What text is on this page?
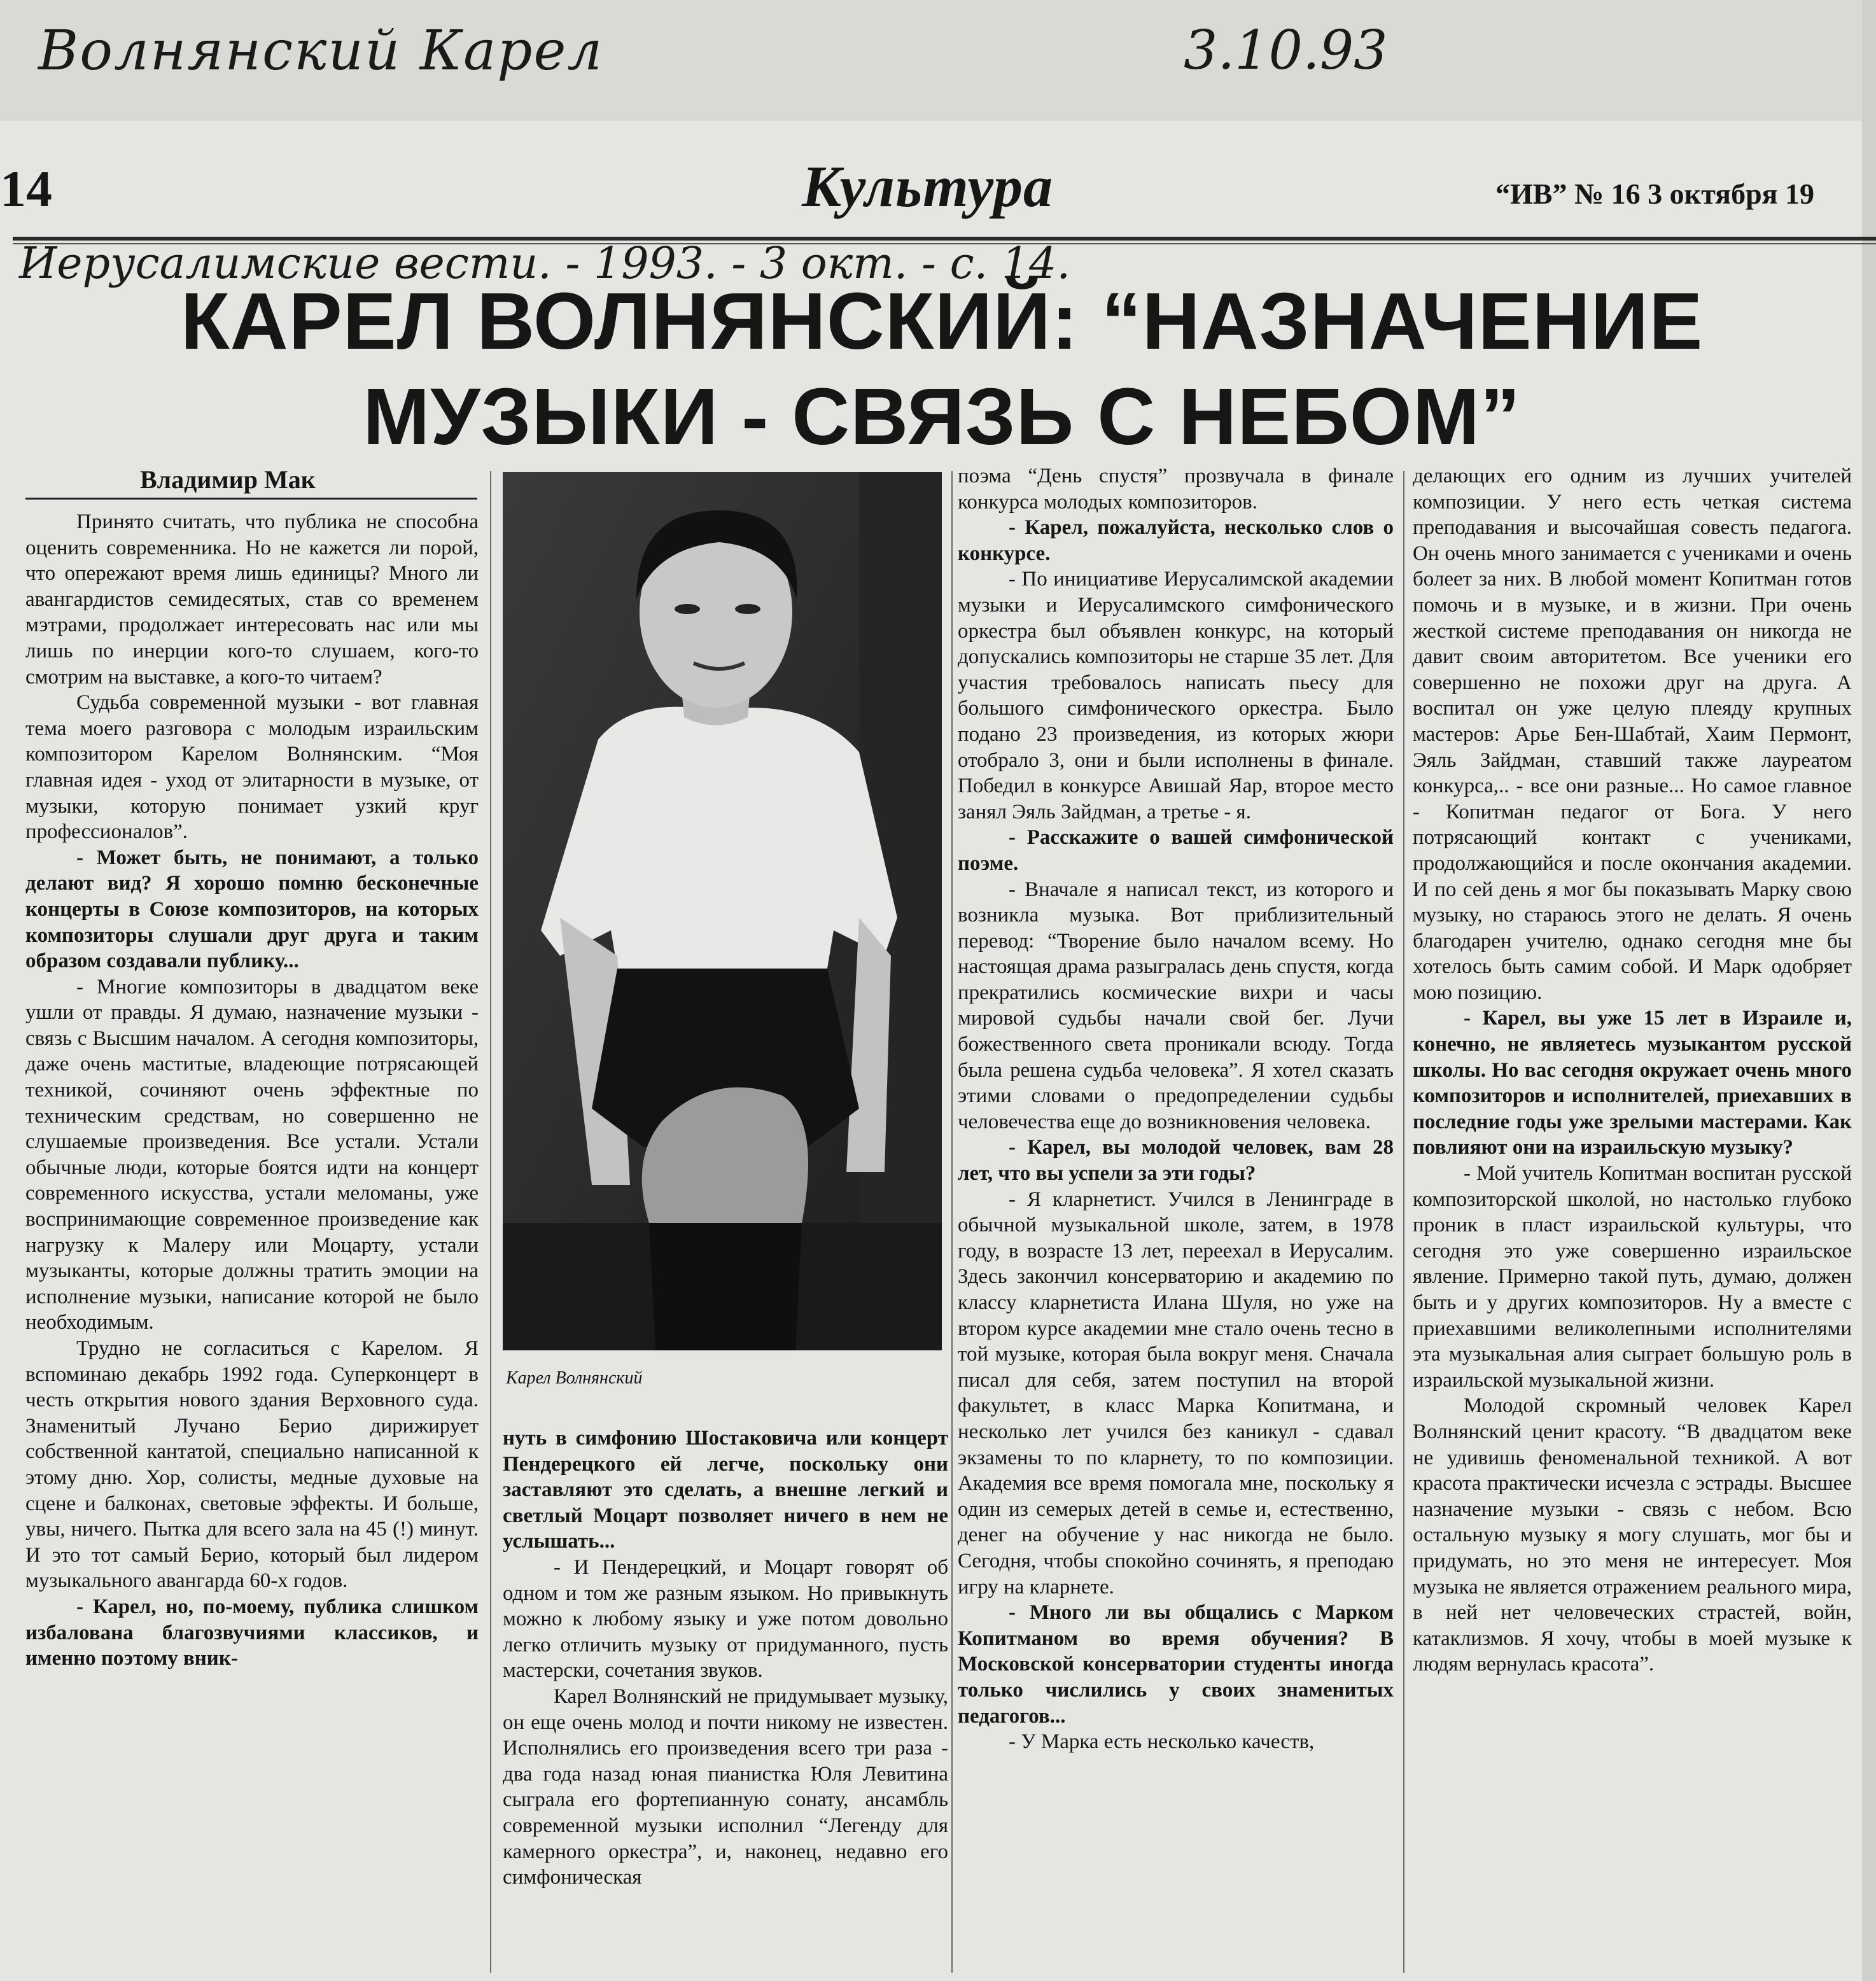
Волнянский Карел	3.10.93
14	Культура	“ИВ” № 16 3 октября 19
Иерусалимские вести. - 1993. - 3 окт. - с. 14.
КАРЕЛ ВОЛНЯНСКИЙ: “НАЗНАЧЕНИЕ
МУЗЫКИ - СВЯЗЬ С НЕБОМ”
Владимир Мак

Принято считать, что публика не способна оценить современника. Но не кажется ли порой, что опережают время лишь единицы? Много ли авангардистов семидесятых, став со временем мэтрами, продолжает интересовать нас или мы лишь по инерции кого-то слушаем, кого-то смотрим на выставке, а кого-то читаем?

Судьба современной музыки - вот главная тема моего разговора с молодым израильским композитором Карелом Волнянским. “Моя главная идея - уход от элитарности в музыке, от музыки, которую понимает узкий круг профессионалов”.

- Может быть, не понимают, а только делают вид? Я хорошо помню бесконечные концерты в Союзе композиторов, на которых композиторы слушали друг друга и таким образом создавали публику...

- Многие композиторы в двадцатом веке ушли от правды. Я думаю, назначение музыки - связь с Высшим началом. А сегодня композиторы, даже очень маститые, владеющие потрясающей техникой, сочиняют очень эффектные по техническим средствам, но совершенно не слушаемые произведения. Все устали. Устали обычные люди, которые боятся идти на концерт современного искусства, устали меломаны, уже воспринимающие современное произведение как нагрузку к Малеру или Моцарту, устали музыканты, которые должны тратить эмоции на исполнение музыки, написание которой не было необходимым.

Трудно не согласиться с Карелом. Я вспоминаю декабрь 1992 года. Суперконцерт в честь открытия нового здания Верховного суда. Знаменитый Лучано Берио дирижирует собственной кантатой, специально написанной к этому дню. Хор, солисты, медные духовые на сцене и балконах, световые эффекты. И больше, увы, ничего. Пытка для всего зала на 45 (!) минут. И это тот самый Берио, который был лидером музыкального авангарда 60-х годов.

- Карел, но, по-моему, публика слишком избалована благозвучиями классиков, и именно поэтому вник-

Карел Волнянский

нуть в симфонию Шостаковича или концерт Пендерецкого ей легче, поскольку они заставляют это сделать, а внешне легкий и светлый Моцарт позволяет ничего в нем не услышать...

- И Пендерецкий, и Моцарт говорят об одном и том же разным языком. Но привыкнуть можно к любому языку и уже потом довольно легко отличить музыку от придуманного, пусть мастерски, сочетания звуков.

Карел Волнянский не придумывает музыку, он еще очень молод и почти никому не известен. Исполнялись его произведения всего три раза - два года назад юная пианистка Юля Левитина сыграла его фортепианную сонату, ансамбль современной музыки исполнил “Легенду для камерного оркестра”, и, наконец, недавно его симфоническая

поэма “День спустя” прозвучала в финале конкурса молодых композиторов.

- Карел, пожалуйста, несколько слов о конкурсе.

- По инициативе Иерусалимской академии музыки и Иерусалимского симфонического оркестра был объявлен конкурс, на который допускались композиторы не старше 35 лет. Для участия требовалось написать пьесу для большого симфонического оркестра. Было подано 23 произведения, из которых жюри отобрало 3, они и были исполнены в финале. Победил в конкурсе Авишай Яар, второе место занял Эяль Зайдман, а третье - я.

- Расскажите о вашей симфонической поэме.

- Вначале я написал текст, из которого и возникла музыка. Вот приблизительный перевод: “Творение было началом всему. Но настоящая драма разыгралась день спустя, когда прекратились космические вихри и часы мировой судьбы начали свой бег. Лучи божественного света проникали всюду. Тогда была решена судьба человека”. Я хотел сказать этими словами о предопределении судьбы человечества еще до возникновения человека.

- Карел, вы молодой человек, вам 28 лет, что вы успели за эти годы?

- Я кларнетист. Учился в Ленинграде в обычной музыкальной школе, затем, в 1978 году, в возрасте 13 лет, переехал в Иерусалим. Здесь закончил консерваторию и академию по классу кларнетиста Илана Шуля, но уже на втором курсе академии мне стало очень тесно в той музыке, которая была вокруг меня. Сначала писал для себя, затем поступил на второй факультет, в класс Марка Копитмана, и несколько лет учился без каникул - сдавал экзамены то по кларнету, то по композиции. Академия все время помогала мне, поскольку я один из семерых детей в семье и, естественно, денег на обучение у нас никогда не было. Сегодня, чтобы спокойно сочинять, я преподаю игру на кларнете.

- Много ли вы общались с Марком Копитманом во время обучения? В Московской консерватории студенты иногда только числились у своих знаменитых педагогов...

- У Марка есть несколько качеств,

делающих его одним из лучших учителей композиции. У него есть четкая система преподавания и высочайшая совесть педагога. Он очень много занимается с учениками и очень болеет за них. В любой момент Копитман готов помочь и в музыке, и в жизни. При очень жесткой системе преподавания он никогда не давит своим авторитетом. Все ученики его совершенно не похожи друг на друга. А воспитал он уже целую плеяду крупных мастеров: Арье Бен-Шабтай, Хаим Пермонт, Эяль Зайдман, ставший также лауреатом конкурса,.. - все они разные... Но самое главное - Копитман педагог от Бога. У него потрясающий контакт с учениками, продолжающийся и после окончания академии. И по сей день я мог бы показывать Марку свою музыку, но стараюсь этого не делать. Я очень благодарен учителю, однако сегодня мне бы хотелось быть самим собой. И Марк одобряет мою позицию.

- Карел, вы уже 15 лет в Израиле и, конечно, не являетесь музыкантом русской школы. Но вас сегодня окружает очень много композиторов и исполнителей, приехавших в последние годы уже зрелыми мастерами. Как повлияют они на израильскую музыку?

- Мой учитель Копитман воспитан русской композиторской школой, но настолько глубоко проник в пласт израильской культуры, что сегодня это уже совершенно израильское явление. Примерно такой путь, думаю, должен быть и у других композиторов. Ну а вместе с приехавшими великолепными исполнителями эта музыкальная алия сыграет большую роль в израильской музыкальной жизни.

Молодой скромный человек Карел Волнянский ценит красоту. “В двадцатом веке не удивишь феноменальной техникой. А вот красота практически исчезла с эстрады. Высшее назначение музыки - связь с небом. Всю остальную музыку я могу слушать, мог бы и придумать, но это меня не интересует. Моя музыка не является отражением реального мира, в ней нет человеческих страстей, войн, катаклизмов. Я хочу, чтобы в моей музыке к людям вернулась красота”.
